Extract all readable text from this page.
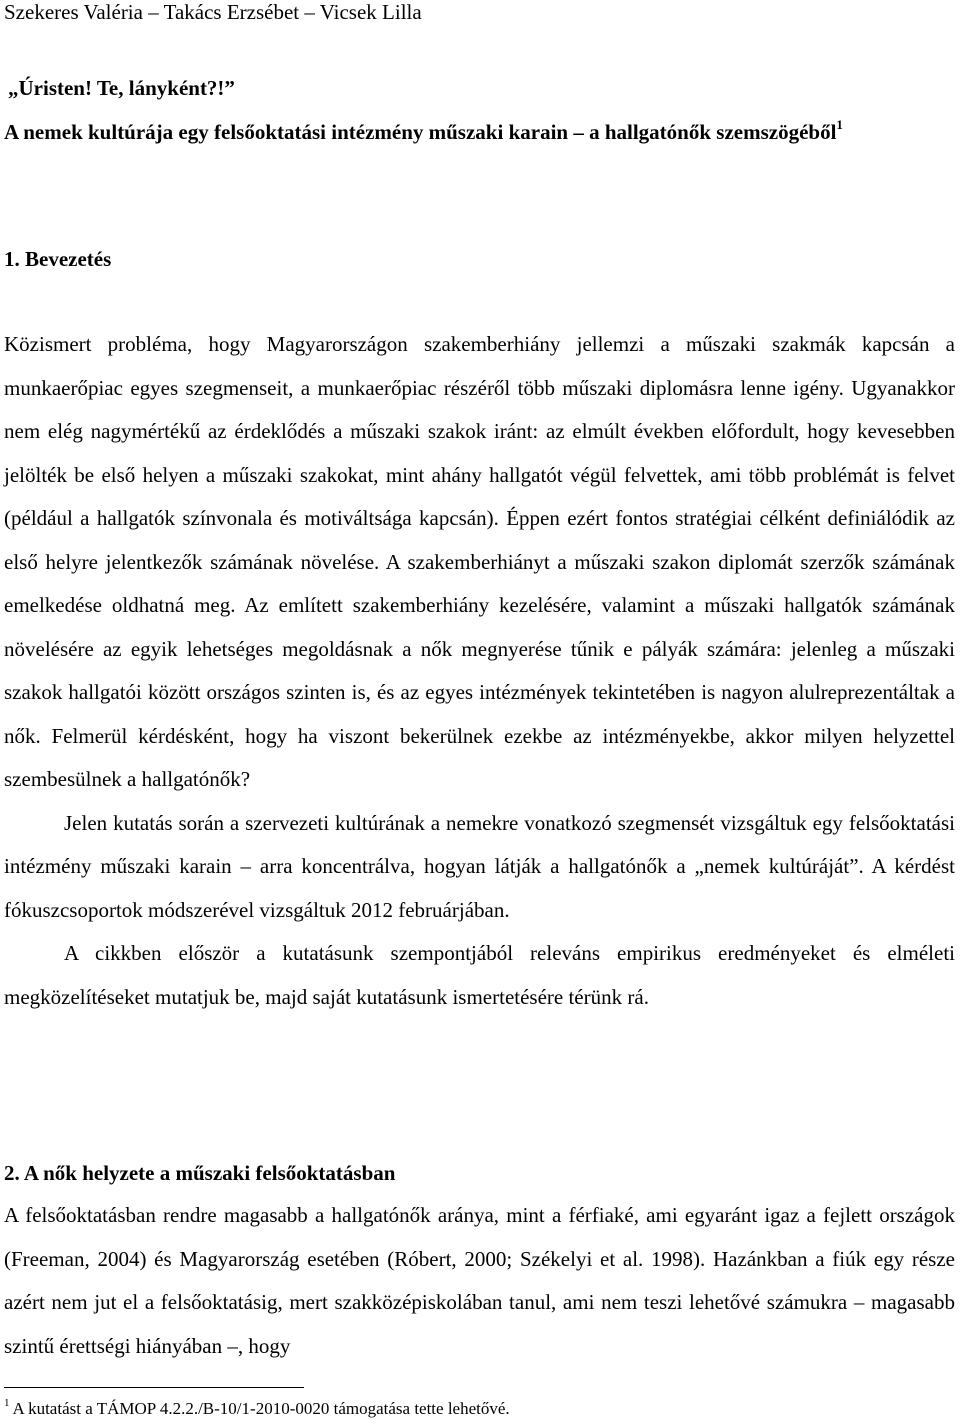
Szekeres Valéria – Takács Erzsébet – Vicsek Lilla
„Úristen! Te, lányként?!”
A nemek kultúrája egy felsőoktatási intézmény műszaki karain – a hallgatónők szemszögéből$^1$
1. Bevezetés

Közismert probléma, hogy Magyarországon szakemberhiány jellemzi a műszaki szakmák kapcsán a munkaerőpiac egyes szegmenseit, a munkaerőpiac részéről több műszaki diplomásra lenne igény. Ugyanakkor nem elég nagymértékű az érdeklődés a műszaki szakok iránt: az elmúlt években előfordult, hogy kevesebben jelölték be első helyen a műszaki szakokat, mint ahány hallgatót végül felvettek, ami több problémát is felvet (például a hallgatók színvonala és motiváltsága kapcsán). Éppen ezért fontos stratégiai célként definiálódik az első helyre jelentkezők számának növelése. A szakemberhiányt a műszaki szakon diplomát szerzők számának emelkedése oldhatná meg. Az említett szakemberhiány kezelésére, valamint a műszaki hallgatók számának növelésére az egyik lehetséges megoldásnak a nők megnyerése tűnik e pályák számára: jelenleg a műszaki szakok hallgatói között országos szinten is, és az egyes intézmények tekintetében is nagyon alulreprezentáltak a nők. Felmerül kérdésként, hogy ha viszont bekerülnek ezekbe az intézményekbe, akkor milyen helyzettel szembesülnek a hallgatónők?

Jelen kutatás során a szervezeti kultúrának a nemekre vonatkozó szegmensét vizsgáltuk egy felsőoktatási intézmény műszaki karain – arra koncentrálva, hogyan látják a hallgatónők a „nemek kultúráját”. A kérdést fókuszcsoportok módszerével vizsgáltuk 2012 februárjában.

A cikkben először a kutatásunk szempontjából releváns empirikus eredményeket és elméleti megközelítéseket mutatjuk be, majd saját kutatásunk ismertetésére térünk rá.

2. A nők helyzete a műszaki felsőoktatásban

A felsőoktatásban rendre magasabb a hallgatónők aránya, mint a férfiaké, ami egyaránt igaz a fejlett országok (Freeman, 2004) és Magyarország esetében (Róbert, 2000; Székelyi et al. 1998). Hazánkban a fiúk egy része azért nem jut el a felsőoktatásig, mert szakközépiskolában tanul, ami nem teszi lehetővé számukra – magasabb szintű érettségi hiányában –, hogy

$^1$ A kutatást a TÁMOP 4.2.2./B-10/1-2010-0020 támogatása tette lehetővé.
